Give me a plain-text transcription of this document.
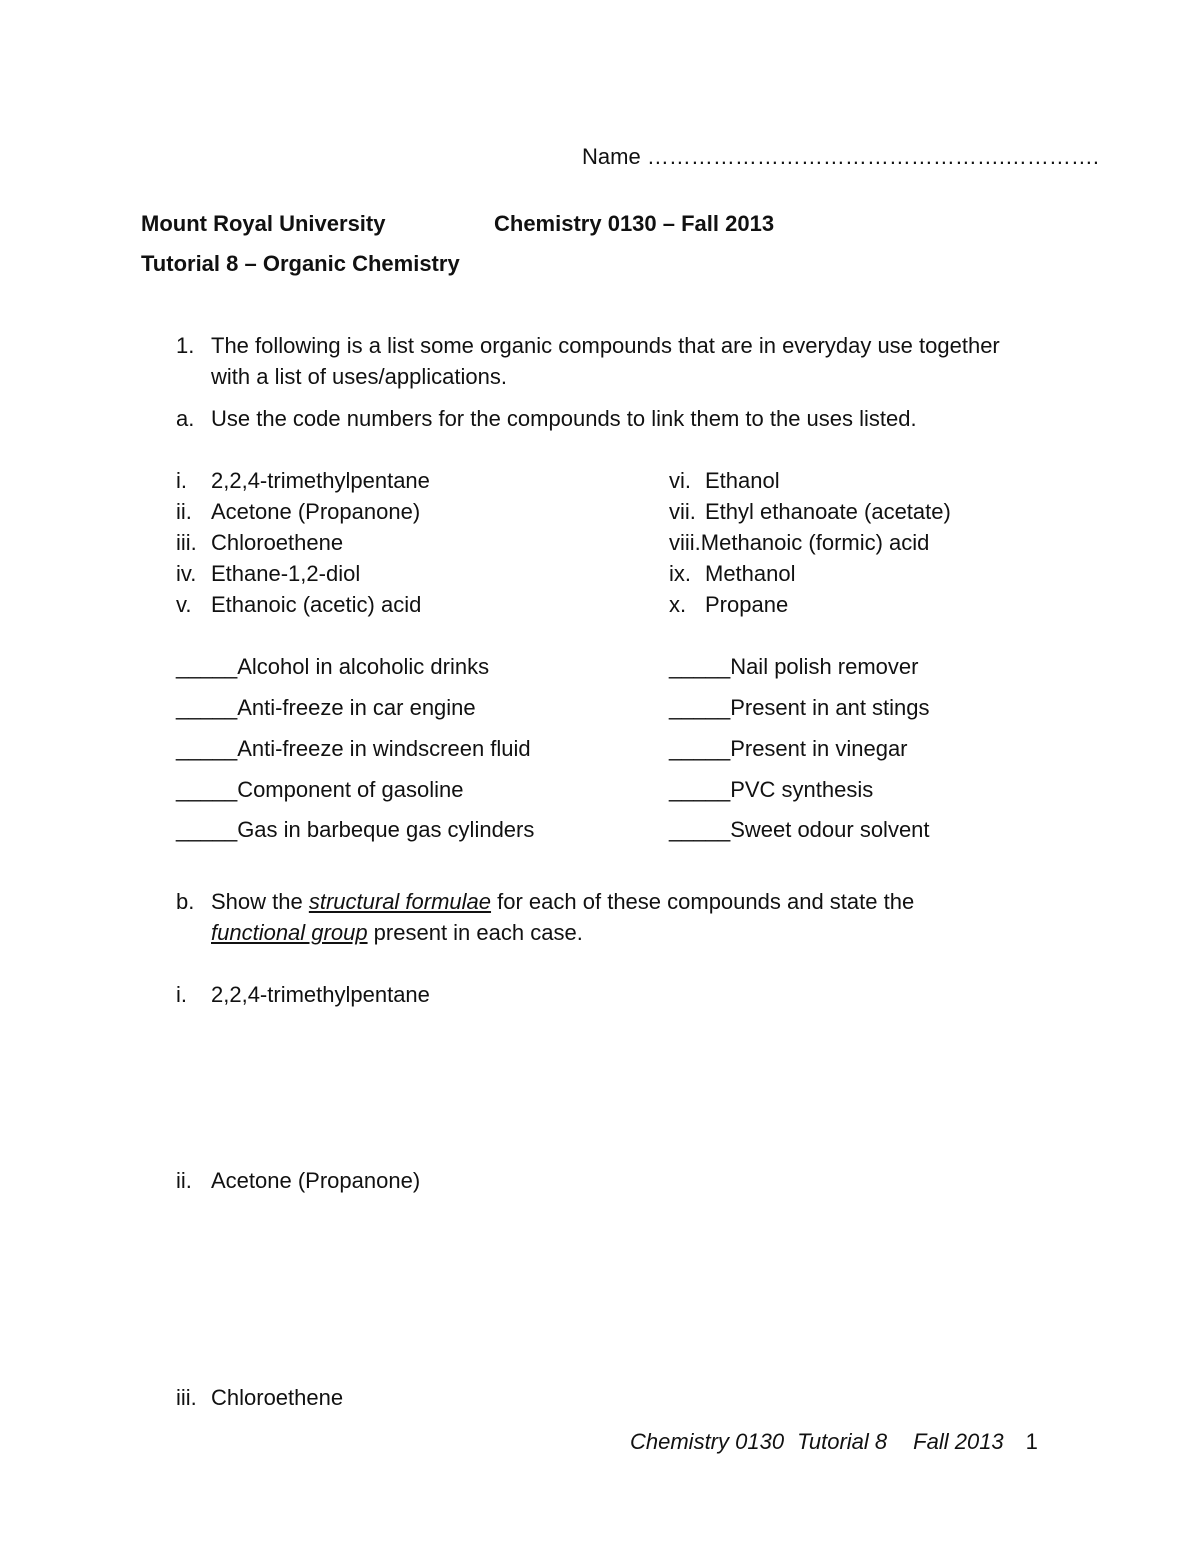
Name ………………………………………….………….
Mount Royal University	Chemistry 0130 – Fall 2013
Tutorial 8 – Organic Chemistry
1. The following is a list some organic compounds that are in everyday use together
with a list of uses/applications.
a. Use the code numbers for the compounds to link them to the uses listed.
i. 2,2,4-trimethylpentane
ii. Acetone (Propanone)
iii. Chloroethene
iv. Ethane-1,2-diol
v. Ethanoic (acetic) acid
vi. Ethanol
vii. Ethyl ethanoate (acetate)
viii.Methanoic (formic) acid
ix. Methanol
x. Propane
_____Alcohol in alcoholic drinks
_____Anti-freeze in car engine
_____Anti-freeze in windscreen fluid
_____Component of gasoline
_____Gas in barbeque gas cylinders
_____Nail polish remover
_____Present in ant stings
_____Present in vinegar
_____PVC synthesis
_____Sweet odour solvent
b. Show the structural formulae for each of these compounds and state the
functional group present in each case.
i. 2,2,4-trimethylpentane
ii. Acetone (Propanone)
iii. Chloroethene
Chemistry 0130 Tutorial 8 Fall 2013 1
